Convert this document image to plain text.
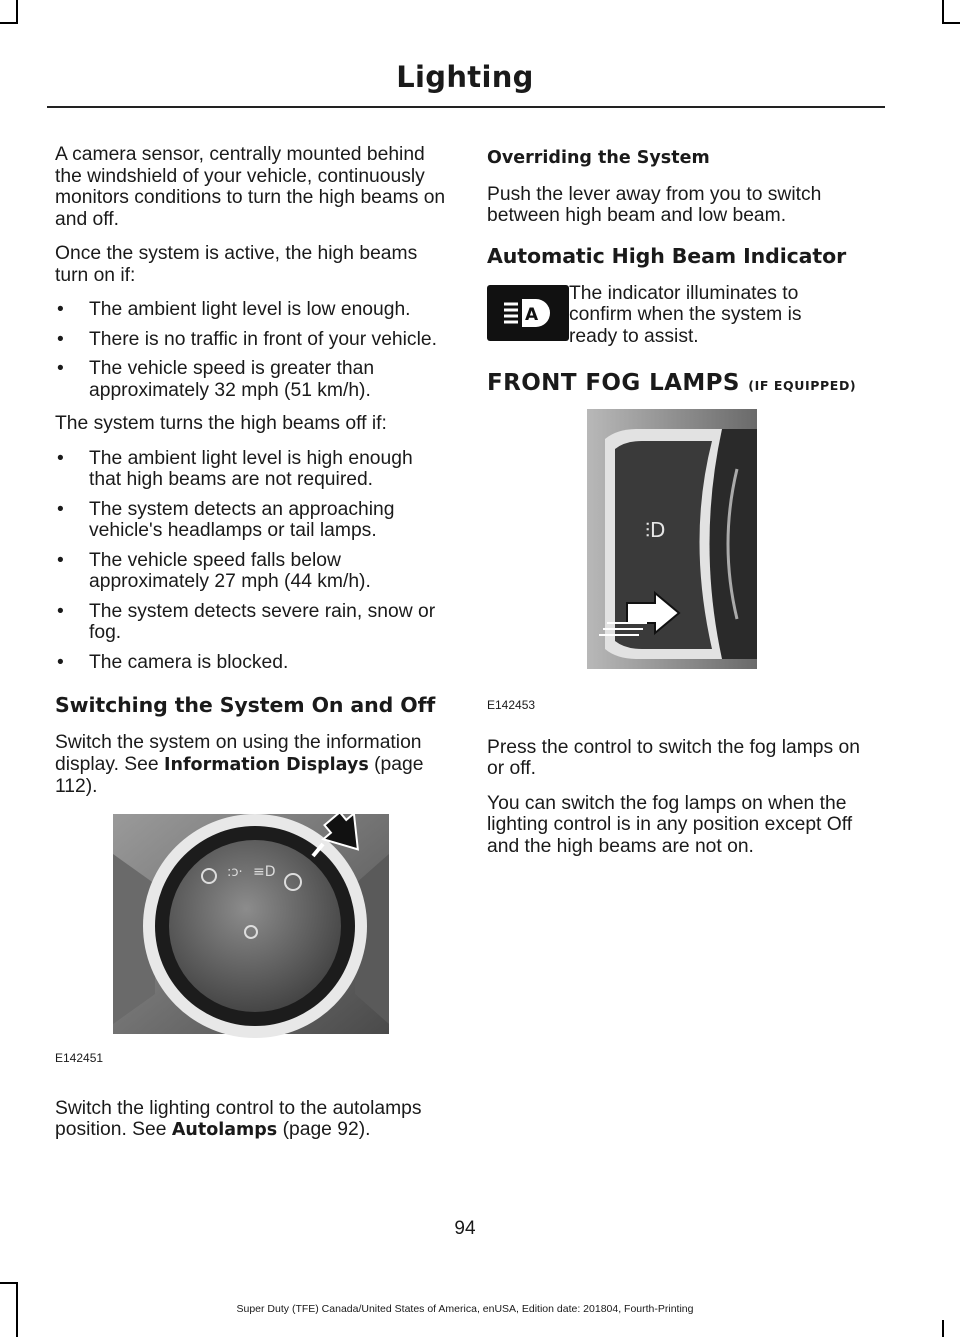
Lighting

A camera sensor, centrally mounted behind the windshield of your vehicle, continuously monitors conditions to turn the high beams on and off.

Once the system is active, the high beams turn on if:

• The ambient light level is low enough.
• There is no traffic in front of your vehicle.
• The vehicle speed is greater than approximately 32 mph (51 km/h).

The system turns the high beams off if:

• The ambient light level is high enough that high beams are not required.
• The system detects an approaching vehicle's headlamps or tail lamps.
• The vehicle speed falls below approximately 27 mph (44 km/h).
• The system detects severe rain, snow or fog.
• The camera is blocked.
Switching the System On and Off

Switch the system on using the information display. See Information Displays (page 112).

:ɔ· ≡D
E142451

Switch the lighting control to the autolamps position. See Autolamps (page 92).

Overriding the System

Push the lever away from you to switch between high beam and low beam.

Automatic High Beam Indicator
A

The indicator illuminates to confirm when the system is ready to assist.

FRONT FOG LAMPS (IF EQUIPPED)
⫶D
E142453

Press the control to switch the fog lamps on or off.

You can switch the fog lamps on when the lighting control is in any position except Off and the high beams are not on.

94
Super Duty (TFE) Canada/United States of America, enUSA, Edition date: 201804, Fourth-Printing
